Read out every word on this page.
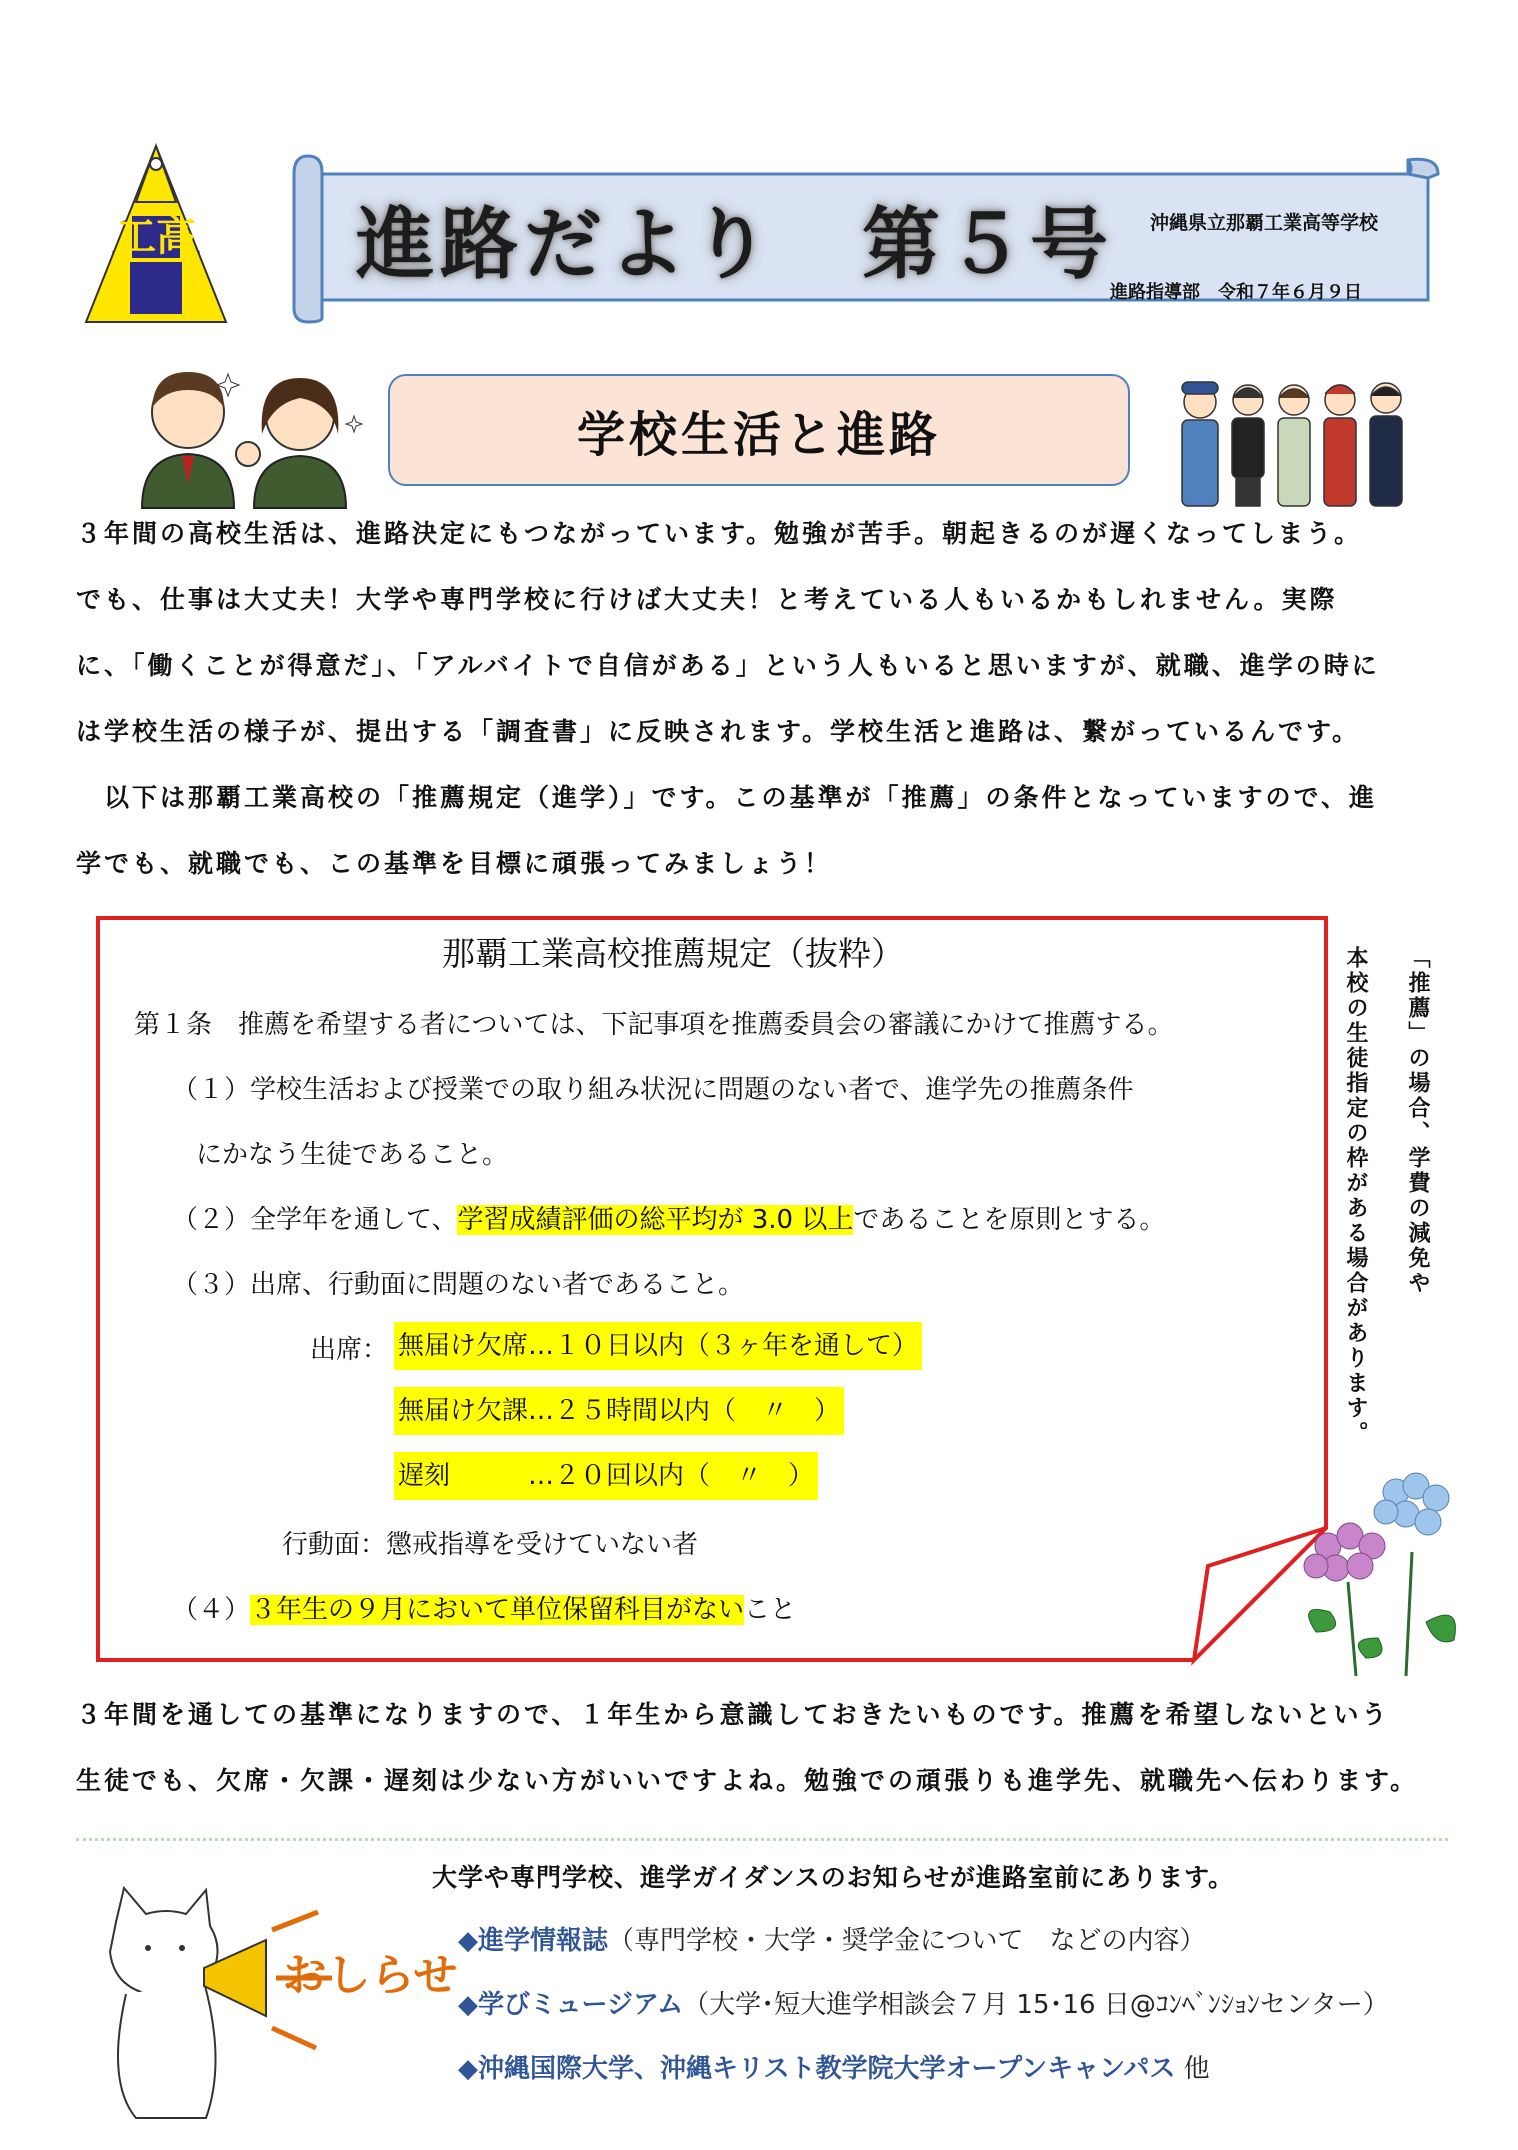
工高 進路だより 第５号 沖縄県立那覇工業高等学校
進路指導部　令和７年６月９日
学校生活と進路
３年間の高校生活は、進路決定にもつながっています。勉強が苦手。朝起きるのが遅くなってしまう。
でも、仕事は大丈夫！大学や専門学校に行けば大丈夫！と考えている人もいるかもしれません。実際
に、「働くことが得意だ」、「アルバイトで自信がある」という人もいると思いますが、就職、進学の時に
は学校生活の様子が、提出する「調査書」に反映されます。学校生活と進路は、繋がっているんです。
　以下は那覇工業高校の「推薦規定（進学）」です。この基準が「推薦」の条件となっていますので、進
学でも、就職でも、この基準を目標に頑張ってみましょう！
那覇工業高校推薦規定（抜粋）
第１条　推薦を希望する者については、下記事項を推薦委員会の審議にかけて推薦する。
（１）学校生活および授業での取り組み状況に問題のない者で、進学先の推薦条件
にかなう生徒であること。
（２）全学年を通して、学習成績評価の総平均が 3.0 以上であることを原則とする。
（３）出席、行動面に問題のない者であること。
出席： 無届け欠席…１０日以内（３ヶ年を通して）
無届け欠課…２５時間以内（　〃　）
遅刻　　　…２０回以内（　〃　）
行動面：懲戒指導を受けていない者
（４）３年生の９月において単位保留科目がないこと
「推薦」の場合、学費の減免や
本校の生徒指定の枠がある場合があります。
３年間を通しての基準になりますので、１年生から意識しておきたいものです。推薦を希望しないという
生徒でも、欠席・欠課・遅刻は少ない方がいいですよね。勉強での頑張りも進学先、就職先へ伝わります。
おしらせ
大学や専門学校、進学ガイダンスのお知らせが進路室前にあります。
◆進学情報誌（専門学校・大学・奨学金について　などの内容）
◆学びミュージアム（大学･短大進学相談会７月 15･16 日@ｺﾝﾍﾞﾝｼｮﾝセンター）
◆沖縄国際大学、沖縄キリスト教学院大学オープンキャンパス 他
